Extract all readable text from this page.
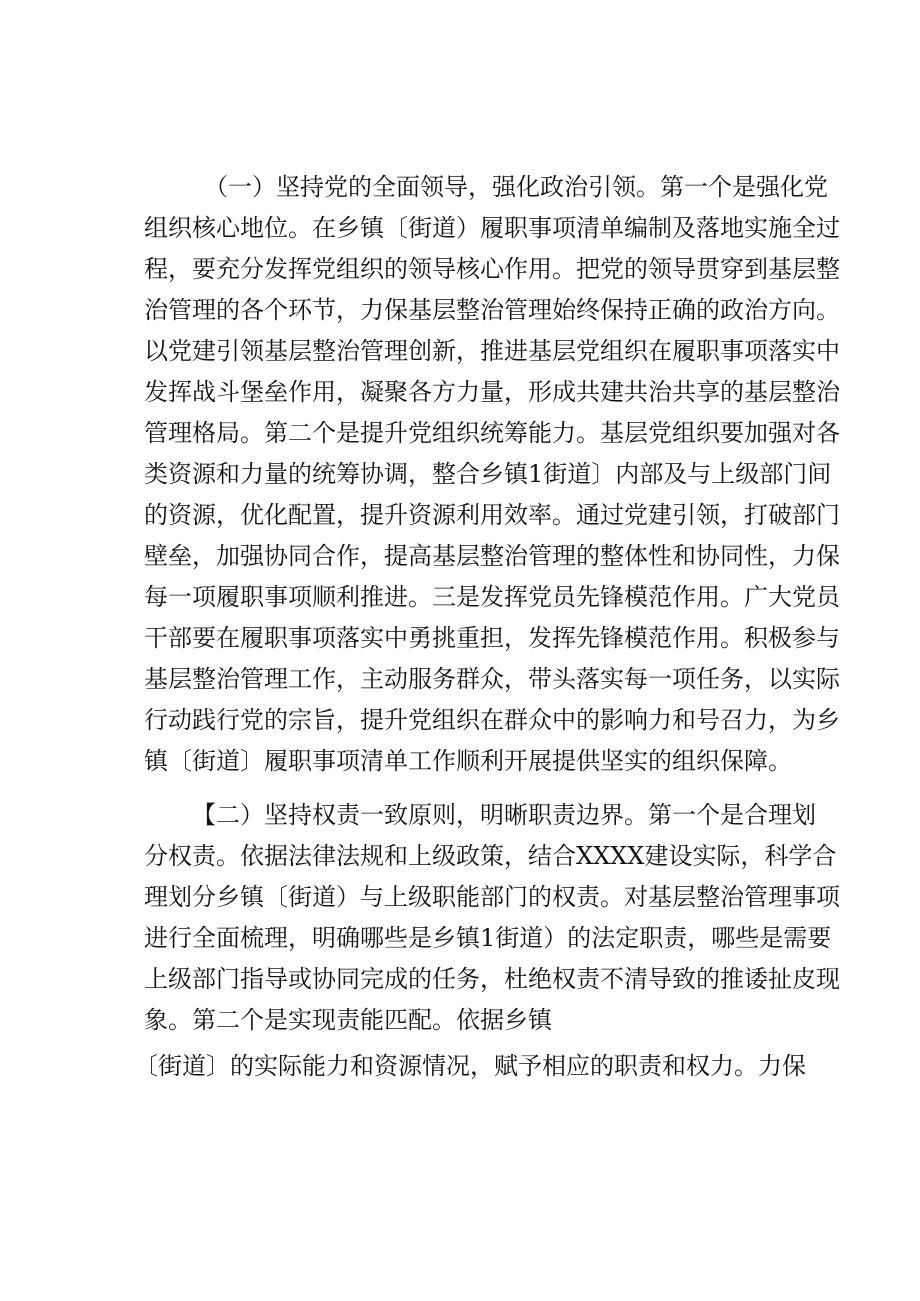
（一）坚持党的全面领导，强化政治引领。第一个是强化党

组织核心地位。在乡镇〔街道）履职事项清单编制及落地实施全过

程，要充分发挥党组织的领导核心作用。把党的领导贯穿到基层整

治管理的各个环节，力保基层整治管理始终保持正确的政治方向。

以党建引领基层整治管理创新，推进基层党组织在履职事项落实中

发挥战斗堡垒作用，凝聚各方力量，形成共建共治共享的基层整治

管理格局。第二个是提升党组织统筹能力。基层党组织要加强对各

类资源和力量的统筹协调，整合乡镇1街道〕内部及与上级部门间

的资源，优化配置，提升资源利用效率。通过党建引领，打破部门

壁垒，加强协同合作，提高基层整治管理的整体性和协同性，力保

每一项履职事项顺利推进。三是发挥党员先锋模范作用。广大党员

干部要在履职事项落实中勇挑重担，发挥先锋模范作用。积极参与

基层整治管理工作，主动服务群众，带头落实每一项任务，以实际

行动践行党的宗旨，提升党组织在群众中的影响力和号召力，为乡

镇〔街道〕履职事项清单工作顺利开展提供坚实的组织保障。

【二）坚持权责一致原则，明晰职责边界。第一个是合理划

分权责。依据法律法规和上级政策，结合XXXX建设实际，科学合

理划分乡镇〔街道）与上级职能部门的权责。对基层整治管理事项

进行全面梳理，明确哪些是乡镇1街道）的法定职责，哪些是需要

上级部门指导或协同完成的任务，杜绝权责不清导致的推诿扯皮现

象。第二个是实现责能匹配。依据乡镇

〔街道〕的实际能力和资源情况，赋予相应的职责和权力。力保
